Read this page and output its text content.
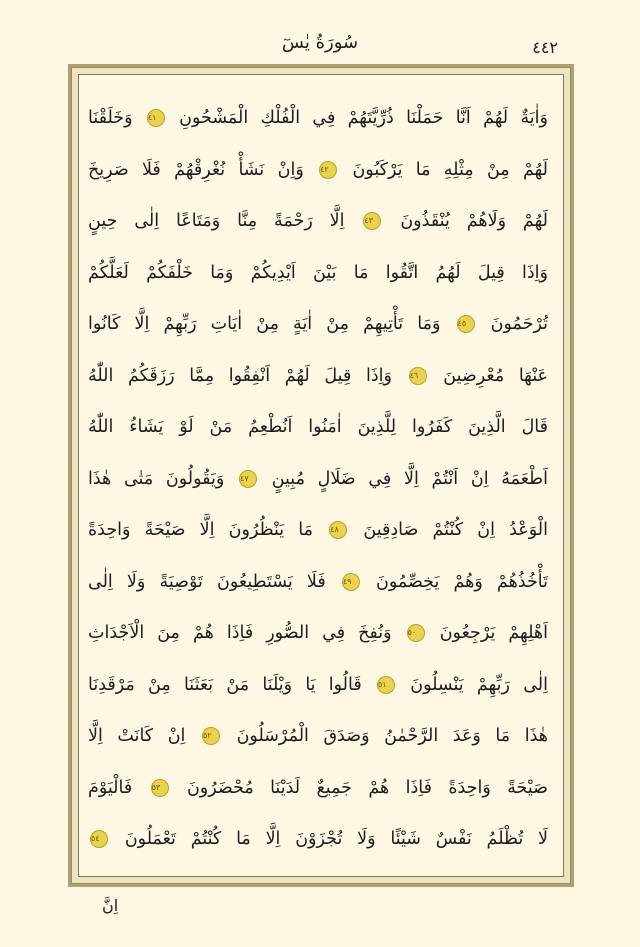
سُورَةُ يٰسٓ	٤٤٢
وَاٰيَةٌ لَهُمْ اَنَّا حَمَلْنَا ذُرِّيَّتَهُمْ فِي الْفُلْكِ الْمَشْحُونِ ٤١ وَخَلَقْنَا
لَهُمْ مِنْ مِثْلِهِ مَا يَرْكَبُونَ ٤٢ وَاِنْ نَشَأْ نُغْرِقْهُمْ فَلَا صَرِيخَ
لَهُمْ وَلَاهُمْ يُنْقَذُونَ ٤٣ اِلَّا رَحْمَةً مِنَّا وَمَتَاعًا اِلٰى حِينٍ
وَاِذَا قِيلَ لَهُمُ اتَّقُوا مَا بَيْنَ اَيْدِيكُمْ وَمَا خَلْفَكُمْ لَعَلَّكُمْ
تُرْحَمُونَ ٤٥ وَمَا تَأْتِيهِمْ مِنْ اٰيَةٍ مِنْ اٰيَاتِ رَبِّهِمْ اِلَّا كَانُوا
عَنْهَا مُعْرِضِينَ ٤٦ وَاِذَا قِيلَ لَهُمْ اَنْفِقُوا مِمَّا رَزَقَكُمُ اللّٰهُ
قَالَ الَّذِينَ كَفَرُوا لِلَّذِينَ اٰمَنُوا اَنُطْعِمُ مَنْ لَوْ يَشَاءُ اللّٰهُ
اَطْعَمَهُ اِنْ اَنْتُمْ اِلَّا فِي ضَلَالٍ مُبِينٍ ٤٧ وَيَقُولُونَ مَتٰى هٰذَا
الْوَعْدُ اِنْ كُنْتُمْ صَادِقِينَ ٤٨ مَا يَنْظُرُونَ اِلَّا صَيْحَةً وَاحِدَةً
تَأْخُذُهُمْ وَهُمْ يَخِصِّمُونَ ٤٩ فَلَا يَسْتَطِيعُونَ تَوْصِيَةً وَلَا اِلٰى
اَهْلِهِمْ يَرْجِعُونَ ٥٠ وَنُفِخَ فِي الصُّورِ فَاِذَا هُمْ مِنَ الْاَجْدَاثِ
اِلٰى رَبِّهِمْ يَنْسِلُونَ ٥١ قَالُوا يَا وَيْلَنَا مَنْ بَعَثَنَا مِنْ مَرْقَدِنَا
هٰذَا مَا وَعَدَ الرَّحْمٰنُ وَصَدَقَ الْمُرْسَلُونَ ٥٢ اِنْ كَانَتْ اِلَّا
صَيْحَةً وَاحِدَةً فَاِذَا هُمْ جَمِيعٌ لَدَيْنَا مُحْضَرُونَ ٥٣ فَالْيَوْمَ
لَا تُظْلَمُ نَفْسٌ شَيْئًا وَلَا تُجْزَوْنَ اِلَّا مَا كُنْتُمْ تَعْمَلُونَ ٥٤
اِنَّ
